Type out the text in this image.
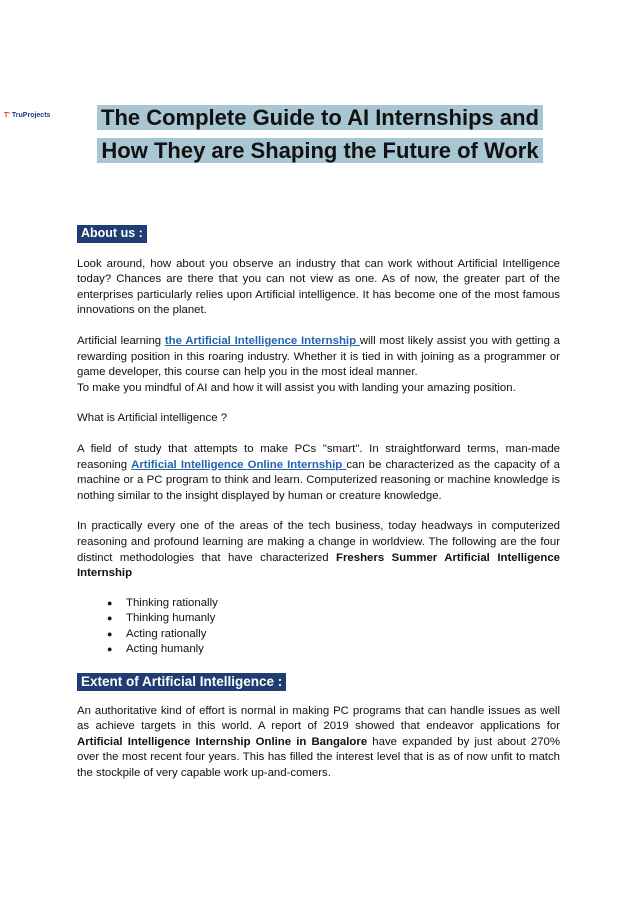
T' TruProjects	The Complete Guide to AI Internships and How They are Shaping the Future of Work
About us :

Look around, how about you observe an industry that can work without Artificial Intelligence today? Chances are there that you can not view as one. As of now, the greater part of the enterprises particularly relies upon Artificial intelligence. It has become one of the most famous innovations on the planet.

Artificial learning the Artificial Intelligence Internship will most likely assist you with getting a rewarding position in this roaring industry. Whether it is tied in with joining as a programmer or game developer, this course can help you in the most ideal manner.

To make you mindful of AI and how it will assist you with landing your amazing position.

What is Artificial intelligence ?

A field of study that attempts to make PCs "smart". In straightforward terms, man-made reasoning Artificial Intelligence Online Internship can be characterized as the capacity of a machine or a PC program to think and learn. Computerized reasoning or machine knowledge is nothing similar to the insight displayed by human or creature knowledge.

In practically every one of the areas of the tech business, today headways in computerized reasoning and profound learning are making a change in worldview. The following are the four distinct methodologies that have characterized Freshers Summer Artificial Intelligence Internship

● Thinking rationally
● Thinking humanly
● Acting rationally
● Acting humanly
Extent of Artificial Intelligence :

An authoritative kind of effort is normal in making PC programs that can handle issues as well as achieve targets in this world. A report of 2019 showed that endeavor applications for Artificial Intelligence Internship Online in Bangalore have expanded by just about 270% over the most recent four years. This has filled the interest level that is as of now unfit to match the stockpile of very capable work up-and-comers.
